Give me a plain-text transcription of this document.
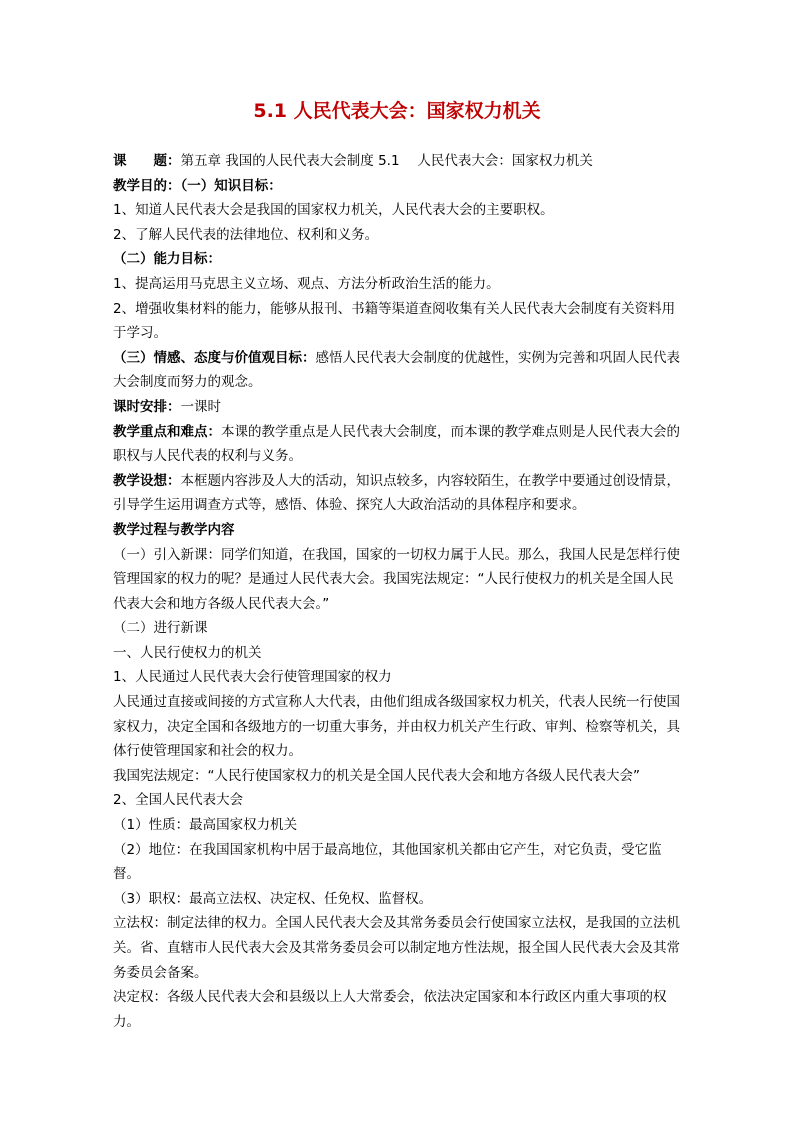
5.1 人民代表大会：国家权力机关

课　　题：第五章 我国的人民代表大会制度 5.1　 人民代表大会：国家权力机关

教学目的：（一）知识目标：

1、知道人民代表大会是我国的国家权力机关，人民代表大会的主要职权。

2、了解人民代表的法律地位、权利和义务。

（二）能力目标：

1、提高运用马克思主义立场、观点、方法分析政治生活的能力。

2、增强收集材料的能力，能够从报刊、书籍等渠道查阅收集有关人民代表大会制度有关资料用于学习。

（三）情感、态度与价值观目标：感悟人民代表大会制度的优越性，实例为完善和巩固人民代表大会制度而努力的观念。

课时安排：一课时

教学重点和难点：本课的教学重点是人民代表大会制度，而本课的教学难点则是人民代表大会的职权与人民代表的权利与义务。

教学设想：本框题内容涉及人大的活动，知识点较多，内容较陌生，在教学中要通过创设情景，引导学生运用调查方式等，感悟、体验、探究人大政治活动的具体程序和要求。

教学过程与教学内容

（一）引入新课：同学们知道，在我国，国家的一切权力属于人民。那么，我国人民是怎样行使管理国家的权力的呢？是通过人民代表大会。我国宪法规定：“人民行使权力的机关是全国人民代表大会和地方各级人民代表大会。”

（二）进行新课

一、人民行使权力的机关

1、人民通过人民代表大会行使管理国家的权力

人民通过直接或间接的方式宣称人大代表，由他们组成各级国家权力机关，代表人民统一行使国家权力，决定全国和各级地方的一切重大事务，并由权力机关产生行政、审判、检察等机关，具体行使管理国家和社会的权力。

我国宪法规定：“人民行使国家权力的机关是全国人民代表大会和地方各级人民代表大会”

2、全国人民代表大会

（1）性质：最高国家权力机关

（2）地位：在我国国家机构中居于最高地位，其他国家机关都由它产生，对它负责，受它监督。

（3）职权：最高立法权、决定权、任免权、监督权。

立法权：制定法律的权力。全国人民代表大会及其常务委员会行使国家立法权，是我国的立法机关。省、直辖市人民代表大会及其常务委员会可以制定地方性法规，报全国人民代表大会及其常务委员会备案。

决定权：各级人民代表大会和县级以上人大常委会，依法决定国家和本行政区内重大事项的权力。
